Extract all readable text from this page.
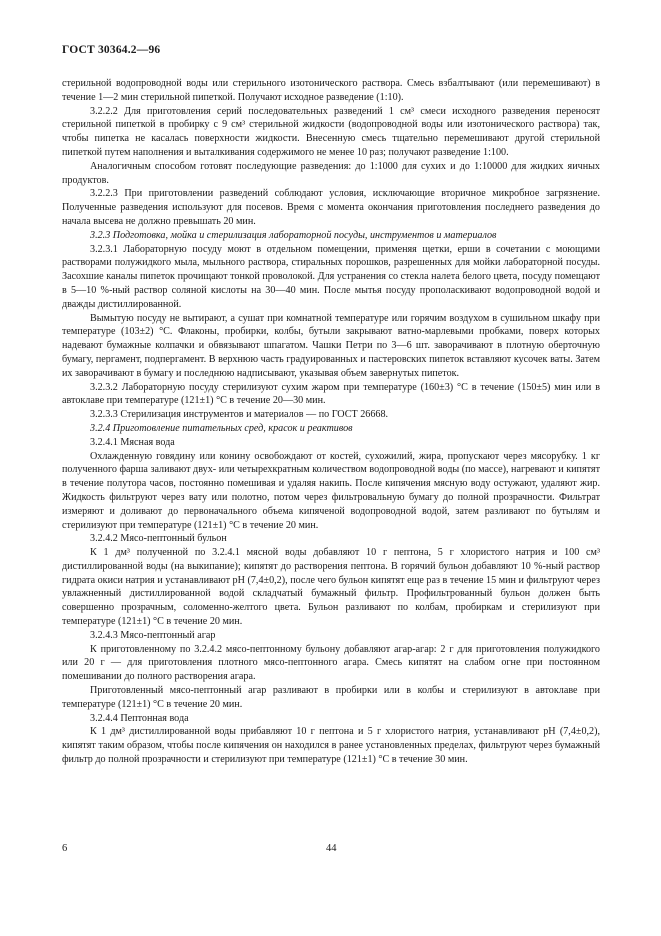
ГОСТ 30364.2—96

стерильной водопроводной воды или стерильного изотонического раствора. Смесь взбалтывают (или перемешивают) в течение 1—2 мин стерильной пипеткой. Получают исходное разведение (1:10).

3.2.2.2 Для приготовления серий последовательных разведений 1 см³ смеси исходного разведения переносят стерильной пипеткой в пробирку с 9 см³ стерильной жидкости (водопроводной воды или изотонического раствора) так, чтобы пипетка не касалась поверхности жидкости. Внесенную смесь тщательно перемешивают другой стерильной пипеткой путем наполнения и выталкивания содержимого не менее 10 раз; получают разведение 1:100.

Аналогичным способом готовят последующие разведения: до 1:1000 для сухих и до 1:10000 для жидких яичных продуктов.

3.2.2.3 При приготовлении разведений соблюдают условия, исключающие вторичное микробное загрязнение. Полученные разведения используют для посевов. Время с момента окончания приготовления последнего разведения до начала высева не должно превышать 20 мин.

3.2.3 Подготовка, мойка и стерилизация лабораторной посуды, инструментов и материалов

3.2.3.1 Лабораторную посуду моют в отдельном помещении, применяя щетки, ерши в сочетании с моющими растворами полужидкого мыла, мыльного раствора, стиральных порошков, разрешенных для мойки лабораторной посуды. Засохшие каналы пипеток прочищают тонкой проволокой. Для устранения со стекла налета белого цвета, посуду помещают в 5—10 %-ный раствор соляной кислоты на 30—40 мин. После мытья посуду прополаскивают водопроводной водой и дважды дистиллированной.

Вымытую посуду не вытирают, а сушат при комнатной температуре или горячим воздухом в сушильном шкафу при температуре (103±2) °С. Флаконы, пробирки, колбы, бутыли закрывают ватно-марлевыми пробками, поверх которых надевают бумажные колпачки и обвязывают шпагатом. Чашки Петри по 3—6 шт. заворачивают в плотную оберточную бумагу, пергамент, подпергамент. В верхнюю часть градуированных и пастеровских пипеток вставляют кусочек ваты. Затем их заворачивают в бумагу и последнюю надписывают, указывая объем завернутых пипеток.

3.2.3.2 Лабораторную посуду стерилизуют сухим жаром при температуре (160±3) °С в течение (150±5) мин или в автоклаве при температуре (121±1) °С в течение 20—30 мин.

3.2.3.3 Стерилизация инструментов и материалов — по ГОСТ 26668.

3.2.4 Приготовление питательных сред, красок и реактивов

3.2.4.1 Мясная вода

Охлажденную говядину или конину освобождают от костей, сухожилий, жира, пропускают через мясорубку. 1 кг полученного фарша заливают двух- или четырехкратным количеством водопроводной воды (по массе), нагревают и кипятят в течение полутора часов, постоянно помешивая и удаляя накипь. После кипячения мясную воду остужают, удаляют жир. Жидкость фильтруют через вату или полотно, потом через фильтровальную бумагу до полной прозрачности. Фильтрат измеряют и доливают до первоначального объема кипяченой водопроводной водой, затем разливают по бутылям и стерилизуют при температуре (121±1) °С в течение 20 мин.

3.2.4.2 Мясо-пептонный бульон

К 1 дм³ полученной по 3.2.4.1 мясной воды добавляют 10 г пептона, 5 г хлористого натрия и 100 см³ дистиллированной воды (на выкипание); кипятят до растворения пептона. В горячий бульон добавляют 10 %-ный раствор гидрата окиси натрия и устанавливают рН (7,4±0,2), после чего бульон кипятят еще раз в течение 15 мин и фильтруют через увлажненный дистиллированной водой складчатый бумажный фильтр. Профильтрованный бульон должен быть совершенно прозрачным, соломенно-желтого цвета. Бульон разливают по колбам, пробиркам и стерилизуют при температуре (121±1) °С в течение 20 мин.

3.2.4.3 Мясо-пептонный агар

К приготовленному по 3.2.4.2 мясо-пептонному бульону добавляют агар-агар: 2 г для приготовления полужидкого или 20 г — для приготовления плотного мясо-пептонного агара. Смесь кипятят на слабом огне при постоянном помешивании до полного растворения агара.

Приготовленный мясо-пептонный агар разливают в пробирки или в колбы и стерилизуют в автоклаве при температуре (121±1) °С в течение 20 мин.

3.2.4.4 Пептонная вода

К 1 дм³ дистиллированной воды прибавляют 10 г пептона и 5 г хлористого натрия, устанавливают рН (7,4±0,2), кипятят таким образом, чтобы после кипячения он находился в ранее установленных пределах, фильтруют через бумажный фильтр до полной прозрачности и стерилизуют при температуре (121±1) °С в течение 30 мин.

6	44
